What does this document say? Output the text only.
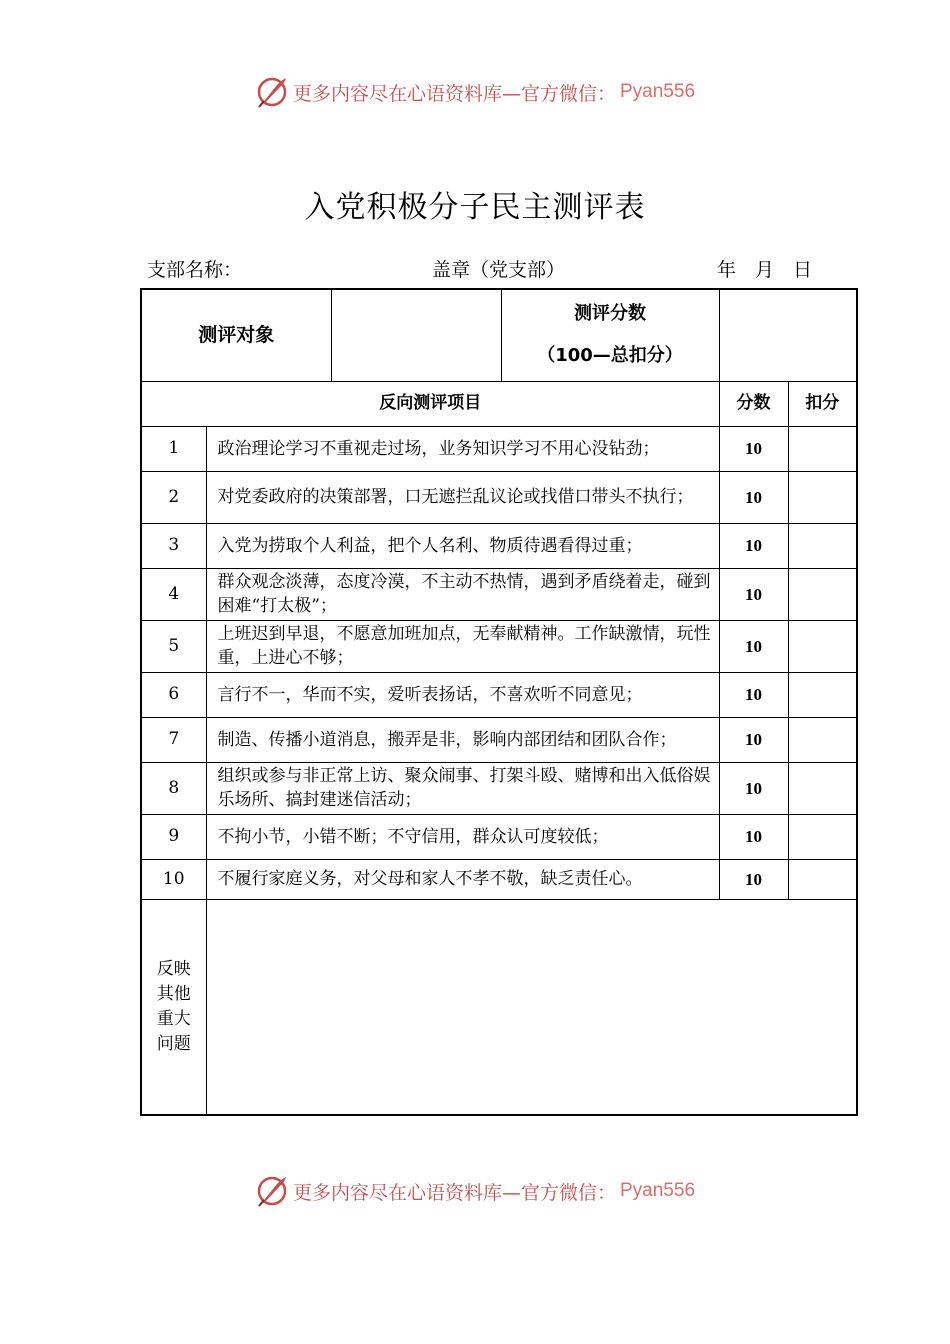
更多内容尽在心语资料库—官方微信： Pyan556
入党积极分子民主测评表
支部名称：	盖章（党支部）	年　月　日
测评对象			测评分数
（100—总扣分）		

反向测评项目				分数	扣分
1	政治理论学习不重视走过场，业务知识学习不用心没钻劲；			10	
2	对党委政府的决策部署，口无遮拦乱议论或找借口带头不执行；			10	
3	入党为捞取个人利益，把个人名利、物质待遇看得过重；			10	
4	群众观念淡薄，态度冷漠，不主动不热情，遇到矛盾绕着走，碰到困难“打太极”；			10	
5	上班迟到早退，不愿意加班加点，无奉献精神。工作缺激情，玩性重，上进心不够；			10	
6	言行不一，华而不实，爱听表扬话，不喜欢听不同意见；			10	
7	制造、传播小道消息，搬弄是非，影响内部团结和团队合作；			10	
8	组织或参与非正常上访、聚众闹事、打架斗殴、赌博和出入低俗娱乐场所、搞封建迷信活动；			10	
9	不拘小节，小错不断；不守信用，群众认可度较低；			10	
10	不履行家庭义务，对父母和家人不孝不敬，缺乏责任心。			10	

反映其他重大问题					

更多内容尽在心语资料库—官方微信： Pyan556
